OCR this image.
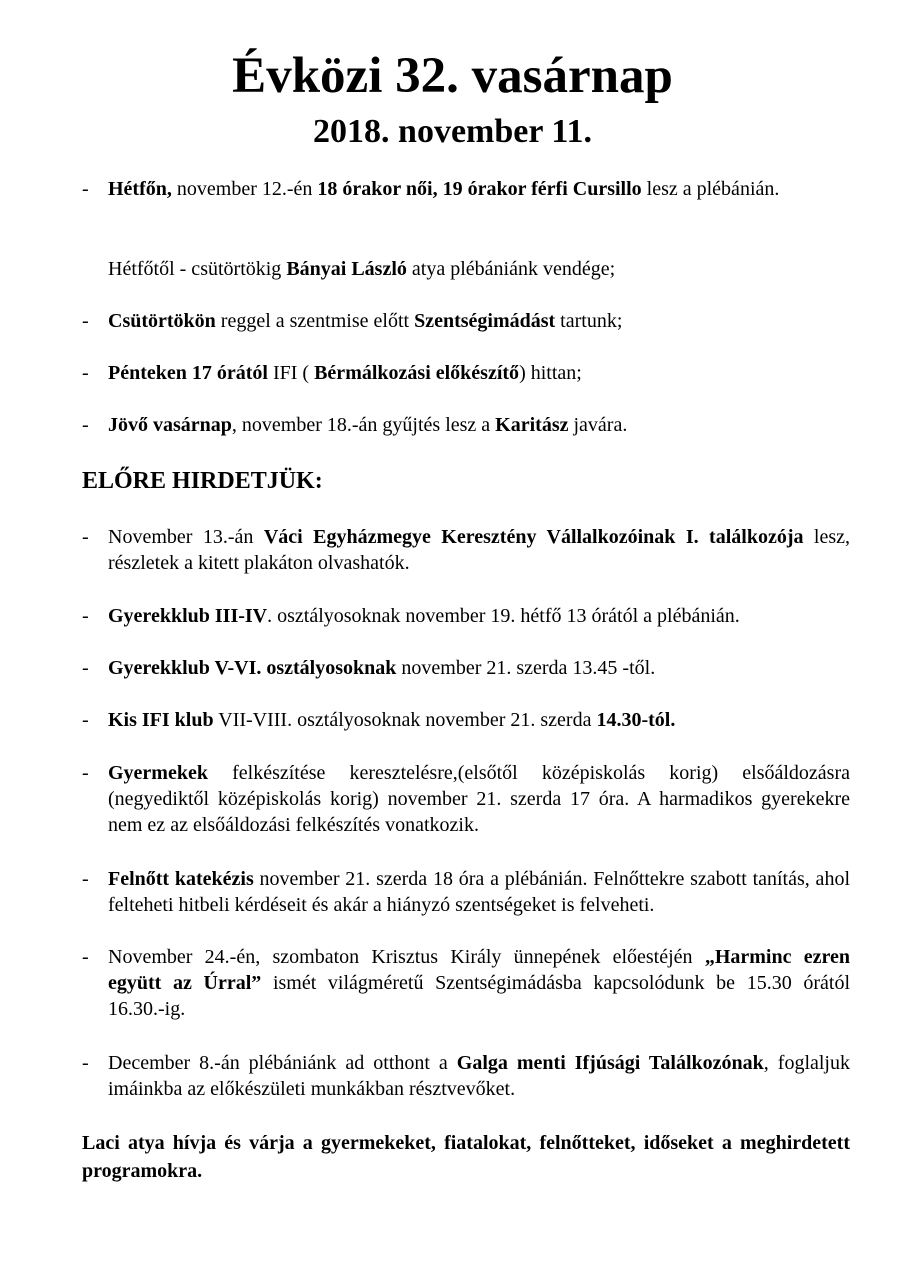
Évközi 32. vasárnap
2018. november 11.
- Hétfőn, november 12.-én 18 órakor női, 19 órakor férfi Cursillo lesz a plébánián.
Hétfőtől - csütörtökig Bányai László atya plébániánk vendége;
- Csütörtökön reggel a szentmise előtt Szentségimádást tartunk;
- Pénteken 17 órától IFI ( Bérmálkozási előkészítő) hittan;
- Jövő vasárnap, november 18.-án gyűjtés lesz a Karitász javára.
ELŐRE HIRDETJÜK:
- November 13.-án Váci Egyházmegye Keresztény Vállalkozóinak I. találkozója lesz, részletek a kitett plakáton olvashatók.
- Gyerekklub III-IV. osztályosoknak november 19. hétfő 13 órától a plébánián.
- Gyerekklub V-VI. osztályosoknak november 21. szerda 13.45 -től.
- Kis IFI klub VII-VIII. osztályosoknak november 21. szerda 14.30-tól.
- Gyermekek felkészítése keresztelésre,(elsőtől középiskolás korig) elsőáldozásra (negyediktől középiskolás korig) november 21. szerda 17 óra. A harmadikos gyerekekre nem ez az elsőáldozási felkészítés vonatkozik.
- Felnőtt katekézis november 21. szerda 18 óra a plébánián. Felnőttekre szabott tanítás, ahol felteheti hitbeli kérdéseit és akár a hiányzó szentségeket is felveheti.
- November 24.-én, szombaton Krisztus Király ünnepének előestéjén „Harminc ezren együtt az Úrral” ismét világméretű Szentségimádásba kapcsolódunk be 15.30 órától 16.30.-ig.
- December 8.-án plébániánk ad otthont a Galga menti Ifjúsági Találkozónak, foglaljuk imáinkba az előkészületi munkákban résztvevőket.
Laci atya hívja és várja a gyermekeket, fiatalokat, felnőtteket, időseket a meghirdetett programokra.
